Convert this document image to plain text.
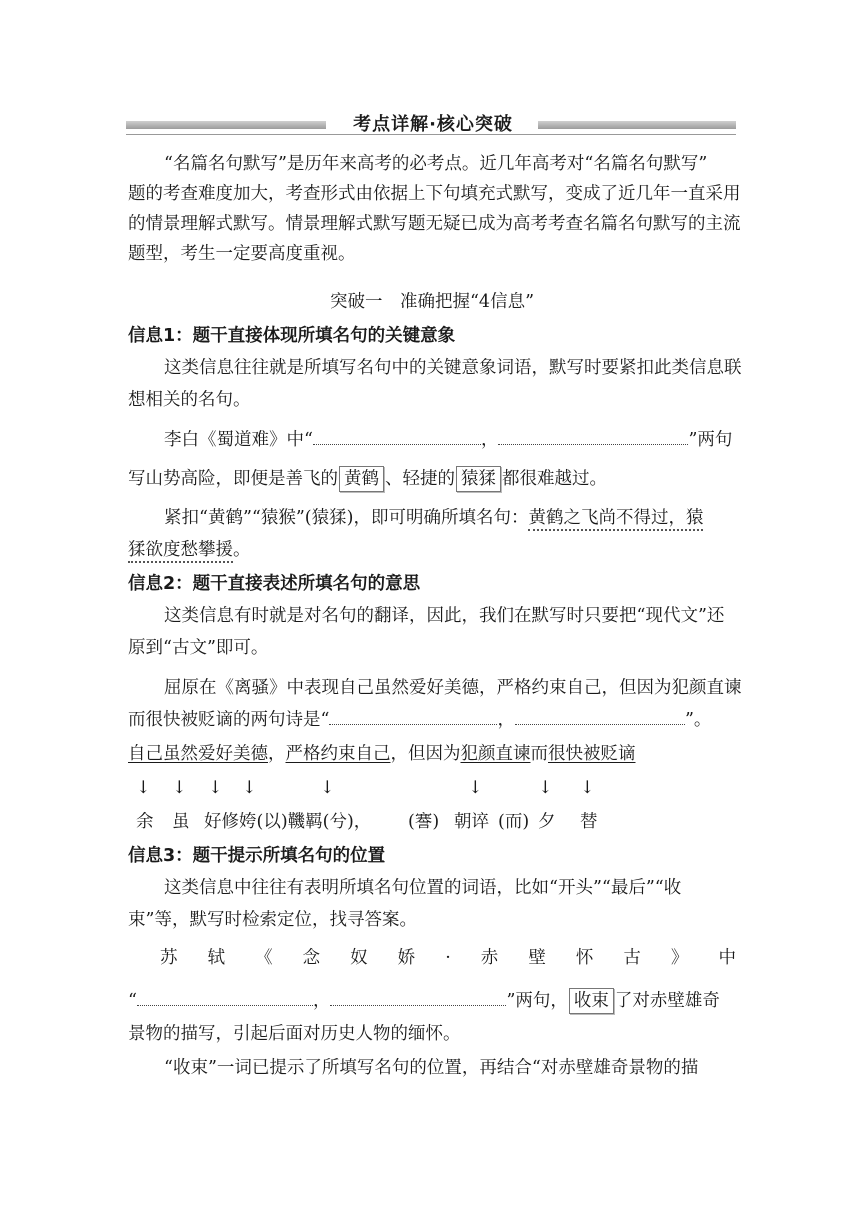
考点详解·核心突破
“名篇名句默写”是历年来高考的必考点。近几年高考对“名篇名句默写”
题的考查难度加大，考查形式由依据上下句填充式默写，变成了近几年一直采用
的情景理解式默写。情景理解式默写题无疑已成为高考考查名篇名句默写的主流
题型，考生一定要高度重视。
突破一　准确把握“4信息”
信息1：题干直接体现所填名句的关键意象
这类信息往往就是所填写名句中的关键意象词语，默写时要紧扣此类信息联
想相关的名句。
李白《蜀道难》中“	，	”两句
写山势高险，即便是善飞的 黄鹤 、轻捷的 猿猱 都很难越过。
紧扣“黄鹤”“猿猴”(猿猱)，即可明确所填名句：黄鹤之飞尚不得过，猿
猱欲度愁攀援。
信息2：题干直接表述所填名句的意思
这类信息有时就是对名句的翻译，因此，我们在默写时只要把“现代文”还
原到“古文”即可。
屈原在《离骚》中表现自己虽然爱好美德，严格约束自己，但因为犯颜直谏
而很快被贬谪的两句诗是“	，	”。
自己虽然爱好美德，严格约束自己，但因为犯颜直谏而很快被贬谪
↓ ↓ ↓ ↓	↓	↓	↓ ↓
余 虽 好修姱(以)鞿羁(兮)， (謇) 朝谇 (而) 夕 替
信息3：题干提示所填名句的位置
这类信息中往往有表明所填名句位置的词语，比如“开头”“最后”“收
束”等，默写时检索定位，找寻答案。
苏 轼 《 念 奴 娇 · 赤 壁 怀 古 》 中
“	，	”两句， 收束 了对赤壁雄奇
景物的描写，引起后面对历史人物的缅怀。
“收束”一词已提示了所填写名句的位置，再结合“对赤壁雄奇景物的描
